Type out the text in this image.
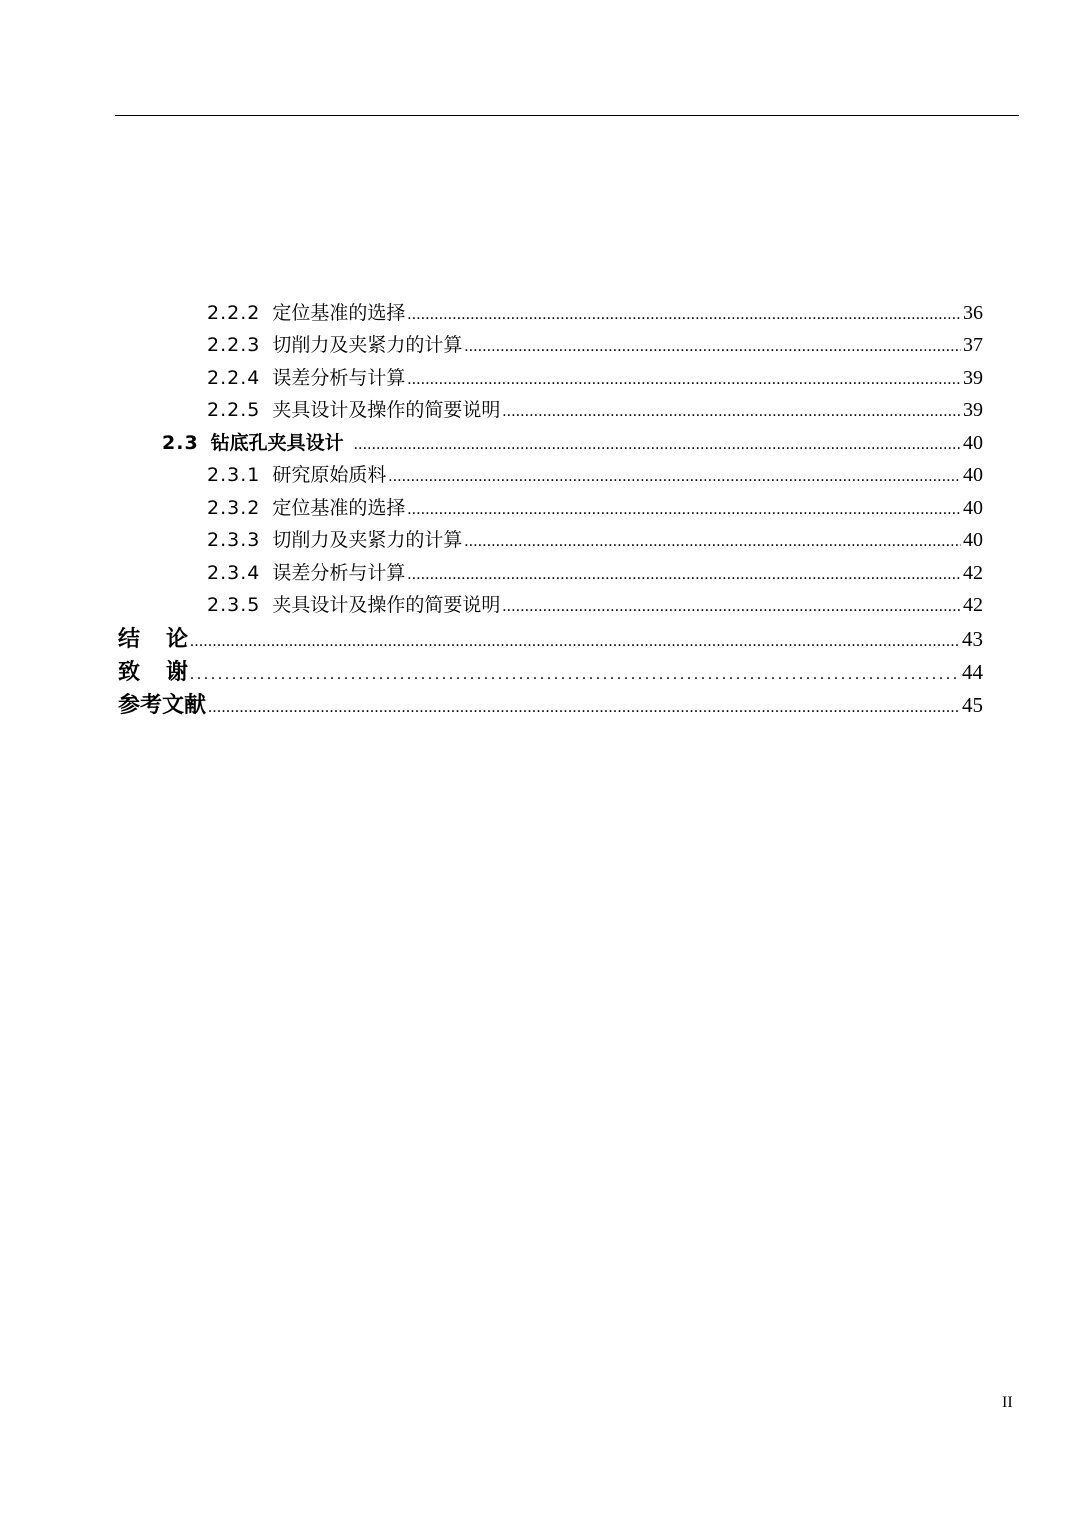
2.2.2 定位基准的选择 .....	36
2.2.3 切削力及夹紧力的计算 .....	37
2.2.4 误差分析与计算 .....	39
2.2.5 夹具设计及操作的简要说明 .....	39
2.3 钻底孔夹具设计 .....	40
2.3.1 研究原始质料 .....	40
2.3.2 定位基准的选择 .....	40
2.3.3 切削力及夹紧力的计算 .....	40
2.3.4 误差分析与计算 .....	42
2.3.5 夹具设计及操作的简要说明 .....	42
结论 .....	43
致谢 .....	44
参考文献 .....	45
II
